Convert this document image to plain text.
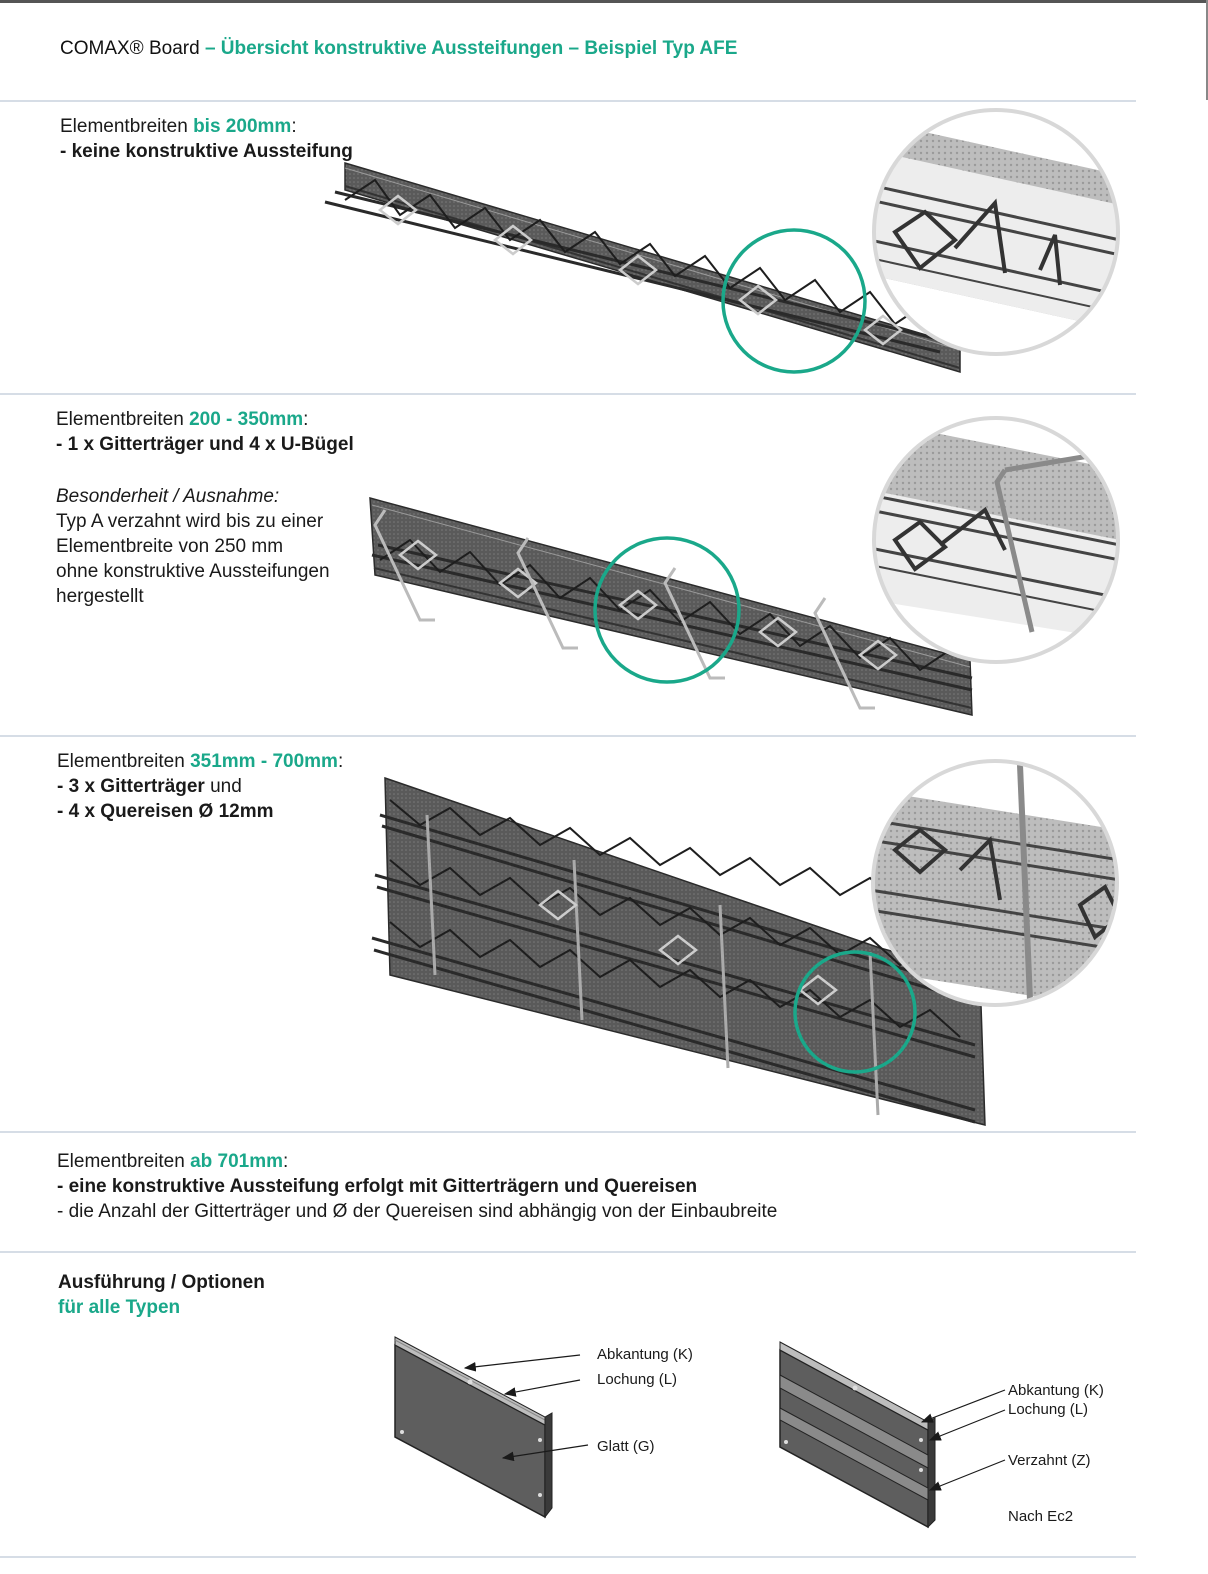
COMAX® Board – Übersicht konstruktive Aussteifungen – Beispiel Typ AFE
Elementbreiten bis 200mm:
- keine konstruktive Aussteifung
Elementbreiten 200 - 350mm:
- 1 x Gitterträger und 4 x U-Bügel
Besonderheit / Ausnahme:
Typ A verzahnt wird bis zu einer
Elementbreite von 250 mm
ohne konstruktive Aussteifungen
hergestellt
Elementbreiten 351mm - 700mm:
- 3 x Gitterträger und
- 4 x Quereisen Ø 12mm
Elementbreiten ab 701mm:
- eine konstruktive Aussteifung erfolgt mit Gitterträgern und Quereisen
- die Anzahl der Gitterträger und Ø der Quereisen sind abhängig von der Einbaubreite
Ausführung / Optionen
für alle Typen
Abkantung (K)
Lochung (L)
Glatt (G)
Abkantung (K)
Lochung (L)
Verzahnt (Z)
Nach Ec2
